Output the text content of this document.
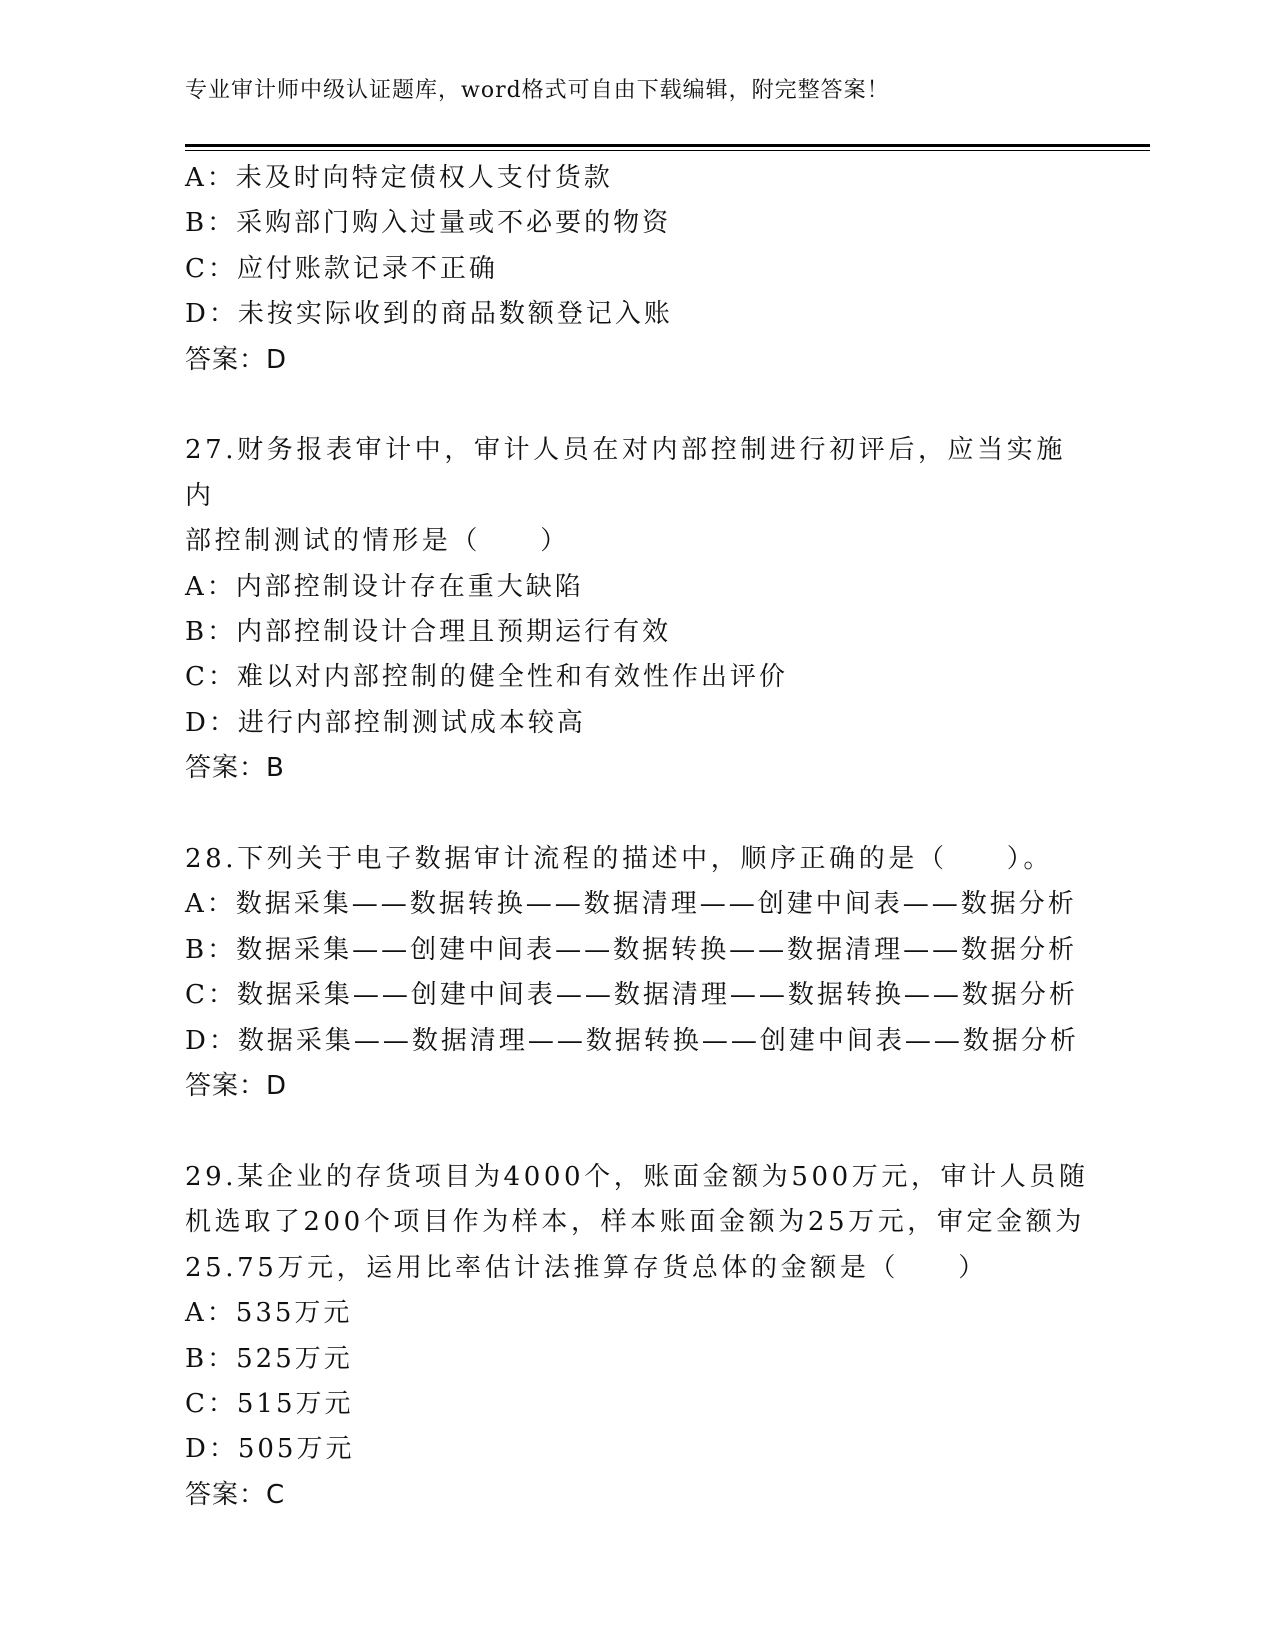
专业审计师中级认证题库，word格式可自由下载编辑，附完整答案！
A：未及时向特定债权人支付货款
B：采购部门购入过量或不必要的物资
C：应付账款记录不正确
D：未按实际收到的商品数额登记入账
答案：D
27.财务报表审计中，审计人员在对内部控制进行初评后，应当实施内
部控制测试的情形是（　　）
A：内部控制设计存在重大缺陷
B：内部控制设计合理且预期运行有效
C：难以对内部控制的健全性和有效性作出评价
D：进行内部控制测试成本较高
答案：B
28.下列关于电子数据审计流程的描述中，顺序正确的是（　　）。
A：数据采集——数据转换——数据清理——创建中间表——数据分析
B：数据采集——创建中间表——数据转换——数据清理——数据分析
C：数据采集——创建中间表——数据清理——数据转换——数据分析
D：数据采集——数据清理——数据转换——创建中间表——数据分析
答案：D
29.某企业的存货项目为4000个，账面金额为500万元，审计人员随
机选取了200个项目作为样本，样本账面金额为25万元，审定金额为
25.75万元，运用比率估计法推算存货总体的金额是（　　）
A：535万元
B：525万元
C：515万元
D：505万元
答案：C
